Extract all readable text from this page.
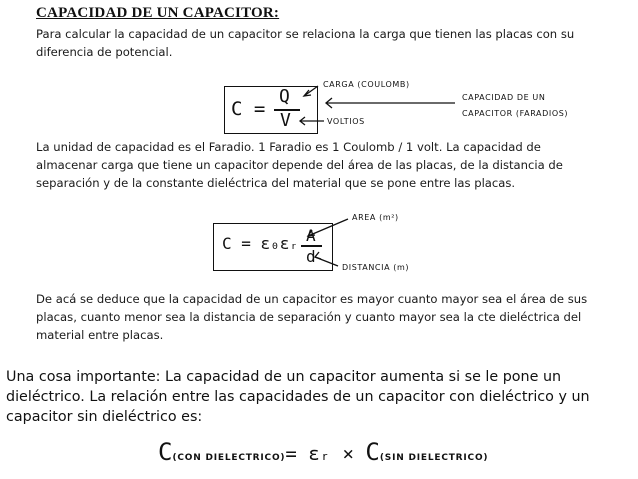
CAPACIDAD DE UN CAPACITOR:
Para calcular la capacidad de un capacitor se relaciona la carga que tienen las placas con su diferencia de potencial.
C =
Q
V
CARGA (COULOMB)
VOLTIOS
CAPACIDAD DE UN
CAPACITOR (FARADIOS)
La unidad de capacidad es el Faradio. 1 Faradio es 1 Coulomb / 1 volt. La capacidad de almacenar carga que tiene un capacitor depende del área de las placas, de la distancia de separación y de la constante dieléctrica del material que se pone entre las placas.
C = ε₀εᵣ A
d
AREA (m²)
DISTANCIA (m)
De acá se deduce que la capacidad de un capacitor es mayor cuanto mayor sea el área de sus placas, cuanto menor sea la distancia de separación y cuanto mayor sea la cte dieléctrica del material entre placas.
Una cosa importante: La capacidad de un capacitor aumenta si se le pone un dieléctrico. La relación entre las capacidades de un capacitor con dieléctrico y un capacitor sin dieléctrico es:
C(CON DIELECTRICO)= εᵣ × C(SIN DIELECTRICO)
